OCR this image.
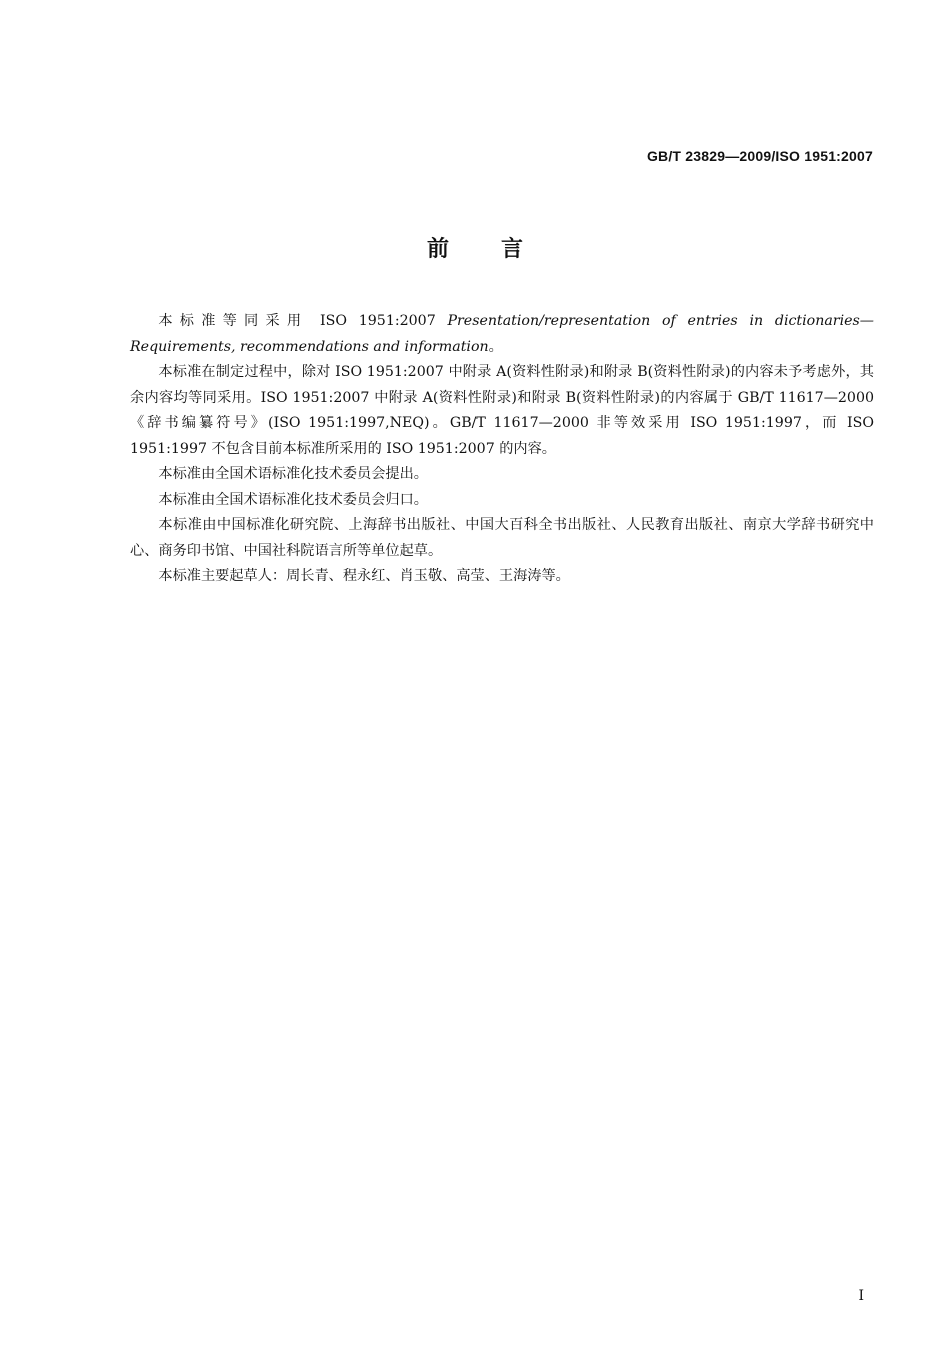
GB/T 23829—2009/ISO 1951:2007
前言

本标准等同采用 ISO 1951:2007 Presentation/representation of entries in dictionaries—Requirements, recommendations and information。

本标准在制定过程中，除对 ISO 1951:2007 中附录 A(资料性附录)和附录 B(资料性附录)的内容未予考虑外，其余内容均等同采用。ISO 1951:2007 中附录 A(资料性附录)和附录 B(资料性附录)的内容属于 GB/T 11617—2000《辞书编纂符号》(ISO 1951:1997,NEQ)。GB/T 11617—2000 非等效采用 ISO 1951:1997，而 ISO 1951:1997 不包含目前本标准所采用的 ISO 1951:2007 的内容。

本标准由全国术语标准化技术委员会提出。

本标准由全国术语标准化技术委员会归口。

本标准由中国标准化研究院、上海辞书出版社、中国大百科全书出版社、人民教育出版社、南京大学辞书研究中心、商务印书馆、中国社科院语言所等单位起草。

本标准主要起草人：周长青、程永红、肖玉敬、高莹、王海涛等。

I
